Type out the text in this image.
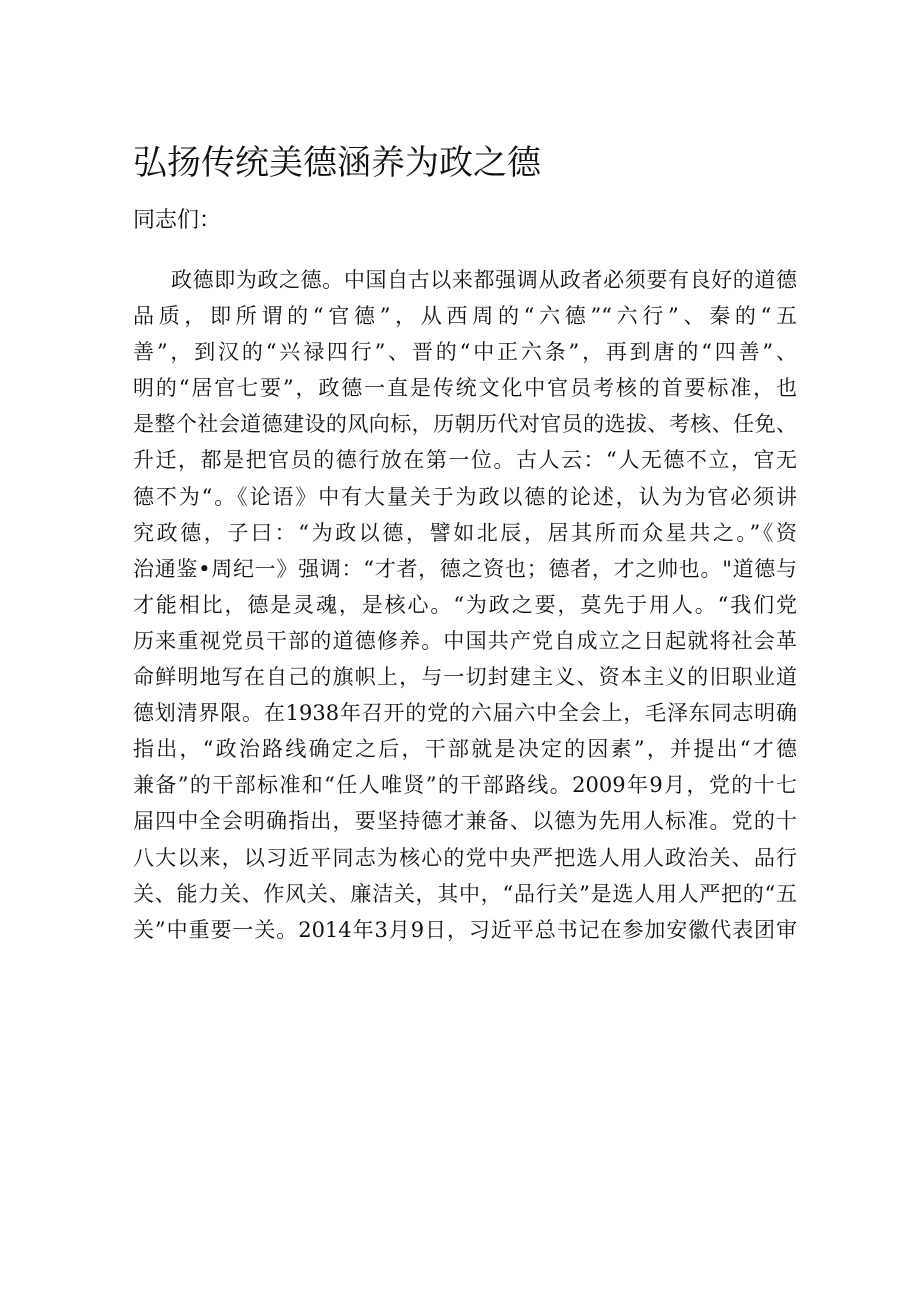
弘扬传统美德涵养为政之德

同志们：

政德即为政之德。中国自古以来都强调从政者必须要有良好的道德
品质，即所谓的“官德”，从西周的“六德”“六行”、秦的“五
善”，到汉的“兴禄四行”、晋的“中正六条”，再到唐的“四善”、
明的“居官七要”，政德一直是传统文化中官员考核的首要标准，也
是整个社会道德建设的风向标，历朝历代对官员的选拔、考核、任免、
升迁，都是把官员的德行放在第一位。古人云：“人无德不立，官无
德不为“。《论语》中有大量关于为政以德的论述，认为为官必须讲
究政德，子曰：“为政以德，譬如北辰，居其所而众星共之。”《资
治通鉴•周纪一》强调：“才者，德之资也；德者，才之帅也。"道德与
才能相比，德是灵魂，是核心。“为政之要，莫先于用人。“我们党
历来重视党员干部的道德修养。中国共产党自成立之日起就将社会革
命鲜明地写在自己的旗帜上，与一切封建主义、资本主义的旧职业道
德划清界限。在1938年召开的党的六届六中全会上，毛泽东同志明确
指出，“政治路线确定之后，干部就是决定的因素”，并提出“才德
兼备”的干部标准和“任人唯贤”的干部路线。2009年9月，党的十七
届四中全会明确指出，要坚持德才兼备、以德为先用人标准。党的十
八大以来，以习近平同志为核心的党中央严把选人用人政治关、品行
关、能力关、作风关、廉洁关，其中，“品行关”是选人用人严把的“五
关”中重要一关。2014年3月9日，习近平总书记在参加安徽代表团审
